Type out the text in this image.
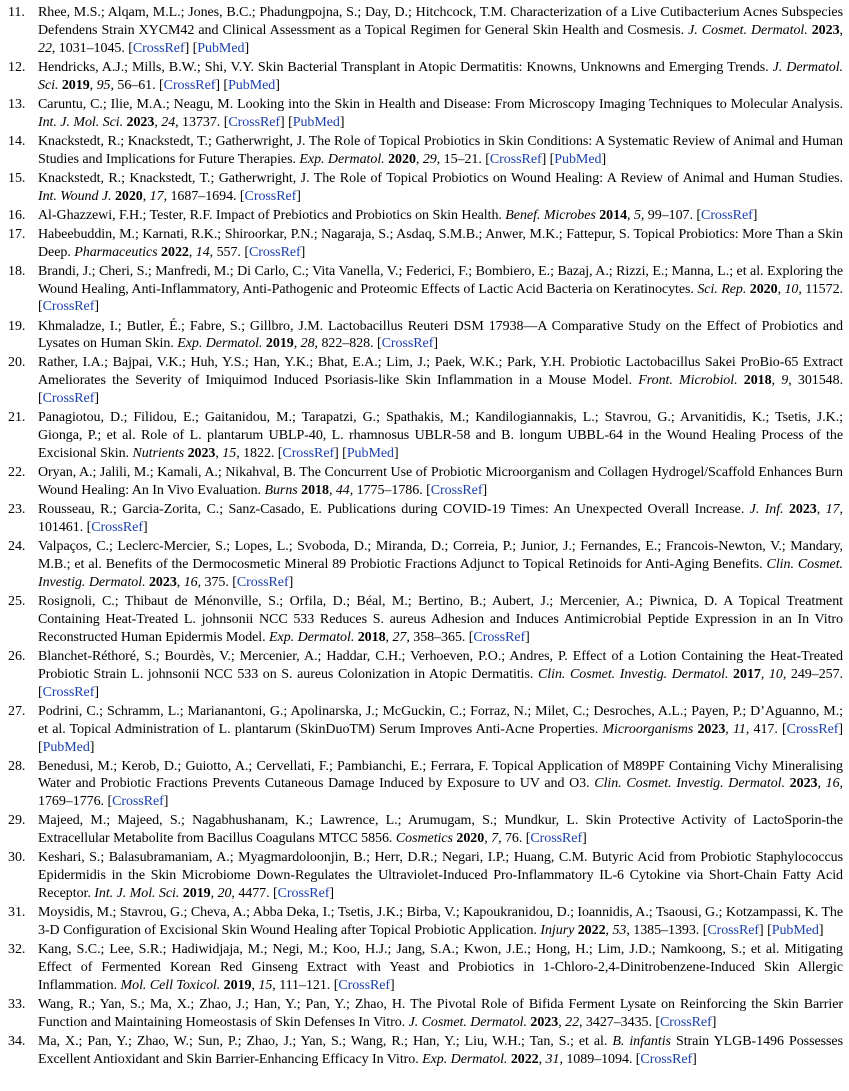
11. Rhee, M.S.; Alqam, M.L.; Jones, B.C.; Phadungpojna, S.; Day, D.; Hitchcock, T.M. Characterization of a Live Cutibacterium Acnes Subspecies Defendens Strain XYCM42 and Clinical Assessment as a Topical Regimen for General Skin Health and Cosmesis. J. Cosmet. Dermatol. 2023, 22, 1031–1045. [CrossRef] [PubMed]
12. Hendricks, A.J.; Mills, B.W.; Shi, V.Y. Skin Bacterial Transplant in Atopic Dermatitis: Knowns, Unknowns and Emerging Trends. J. Dermatol. Sci. 2019, 95, 56–61. [CrossRef] [PubMed]
13. Caruntu, C.; Ilie, M.A.; Neagu, M. Looking into the Skin in Health and Disease: From Microscopy Imaging Techniques to Molecular Analysis. Int. J. Mol. Sci. 2023, 24, 13737. [CrossRef] [PubMed]
14. Knackstedt, R.; Knackstedt, T.; Gatherwright, J. The Role of Topical Probiotics in Skin Conditions: A Systematic Review of Animal and Human Studies and Implications for Future Therapies. Exp. Dermatol. 2020, 29, 15–21. [CrossRef] [PubMed]
15. Knackstedt, R.; Knackstedt, T.; Gatherwright, J. The Role of Topical Probiotics on Wound Healing: A Review of Animal and Human Studies. Int. Wound J. 2020, 17, 1687–1694. [CrossRef]
16. Al-Ghazzewi, F.H.; Tester, R.F. Impact of Prebiotics and Probiotics on Skin Health. Benef. Microbes 2014, 5, 99–107. [CrossRef]
17. Habeebuddin, M.; Karnati, R.K.; Shiroorkar, P.N.; Nagaraja, S.; Asdaq, S.M.B.; Anwer, M.K.; Fattepur, S. Topical Probiotics: More Than a Skin Deep. Pharmaceutics 2022, 14, 557. [CrossRef]
18. Brandi, J.; Cheri, S.; Manfredi, M.; Di Carlo, C.; Vita Vanella, V.; Federici, F.; Bombiero, E.; Bazaj, A.; Rizzi, E.; Manna, L.; et al. Exploring the Wound Healing, Anti-Inflammatory, Anti-Pathogenic and Proteomic Effects of Lactic Acid Bacteria on Keratinocytes. Sci. Rep. 2020, 10, 11572. [CrossRef]
19. Khmaladze, I.; Butler, É.; Fabre, S.; Gillbro, J.M. Lactobacillus Reuteri DSM 17938—A Comparative Study on the Effect of Probiotics and Lysates on Human Skin. Exp. Dermatol. 2019, 28, 822–828. [CrossRef]
20. Rather, I.A.; Bajpai, V.K.; Huh, Y.S.; Han, Y.K.; Bhat, E.A.; Lim, J.; Paek, W.K.; Park, Y.H. Probiotic Lactobacillus Sakei ProBio-65 Extract Ameliorates the Severity of Imiquimod Induced Psoriasis-like Skin Inflammation in a Mouse Model. Front. Microbiol. 2018, 9, 301548. [CrossRef]
21. Panagiotou, D.; Filidou, E.; Gaitanidou, M.; Tarapatzi, G.; Spathakis, M.; Kandilogiannakis, L.; Stavrou, G.; Arvanitidis, K.; Tsetis, J.K.; Gionga, P.; et al. Role of L. plantarum UBLP-40, L. rhamnosus UBLR-58 and B. longum UBBL-64 in the Wound Healing Process of the Excisional Skin. Nutrients 2023, 15, 1822. [CrossRef] [PubMed]
22. Oryan, A.; Jalili, M.; Kamali, A.; Nikahval, B. The Concurrent Use of Probiotic Microorganism and Collagen Hydrogel/Scaffold Enhances Burn Wound Healing: An In Vivo Evaluation. Burns 2018, 44, 1775–1786. [CrossRef]
23. Rousseau, R.; Garcia-Zorita, C.; Sanz-Casado, E. Publications during COVID-19 Times: An Unexpected Overall Increase. J. Inf. 2023, 17, 101461. [CrossRef]
24. Valpaços, C.; Leclerc-Mercier, S.; Lopes, L.; Svoboda, D.; Miranda, D.; Correia, P.; Junior, J.; Fernandes, E.; Francois-Newton, V.; Mandary, M.B.; et al. Benefits of the Dermocosmetic Mineral 89 Probiotic Fractions Adjunct to Topical Retinoids for Anti-Aging Benefits. Clin. Cosmet. Investig. Dermatol. 2023, 16, 375. [CrossRef]
25. Rosignoli, C.; Thibaut de Ménonville, S.; Orfila, D.; Béal, M.; Bertino, B.; Aubert, J.; Mercenier, A.; Piwnica, D. A Topical Treatment Containing Heat-Treated L. johnsonii NCC 533 Reduces S. aureus Adhesion and Induces Antimicrobial Peptide Expression in an In Vitro Reconstructed Human Epidermis Model. Exp. Dermatol. 2018, 27, 358–365. [CrossRef]
26. Blanchet-Réthoré, S.; Bourdès, V.; Mercenier, A.; Haddar, C.H.; Verhoeven, P.O.; Andres, P. Effect of a Lotion Containing the Heat-Treated Probiotic Strain L. johnsonii NCC 533 on S. aureus Colonization in Atopic Dermatitis. Clin. Cosmet. Investig. Dermatol. 2017, 10, 249–257. [CrossRef]
27. Podrini, C.; Schramm, L.; Marianantoni, G.; Apolinarska, J.; McGuckin, C.; Forraz, N.; Milet, C.; Desroches, A.L.; Payen, P.; D’Aguanno, M.; et al. Topical Administration of L. plantarum (SkinDuoTM) Serum Improves Anti-Acne Properties. Microorganisms 2023, 11, 417. [CrossRef] [PubMed]
28. Benedusi, M.; Kerob, D.; Guiotto, A.; Cervellati, F.; Pambianchi, E.; Ferrara, F. Topical Application of M89PF Containing Vichy Mineralising Water and Probiotic Fractions Prevents Cutaneous Damage Induced by Exposure to UV and O3. Clin. Cosmet. Investig. Dermatol. 2023, 16, 1769–1776. [CrossRef]
29. Majeed, M.; Majeed, S.; Nagabhushanam, K.; Lawrence, L.; Arumugam, S.; Mundkur, L. Skin Protective Activity of LactoSporin-the Extracellular Metabolite from Bacillus Coagulans MTCC 5856. Cosmetics 2020, 7, 76. [CrossRef]
30. Keshari, S.; Balasubramaniam, A.; Myagmardoloonjin, B.; Herr, D.R.; Negari, I.P.; Huang, C.M. Butyric Acid from Probiotic Staphylococcus Epidermidis in the Skin Microbiome Down-Regulates the Ultraviolet-Induced Pro-Inflammatory IL-6 Cytokine via Short-Chain Fatty Acid Receptor. Int. J. Mol. Sci. 2019, 20, 4477. [CrossRef]
31. Moysidis, M.; Stavrou, G.; Cheva, A.; Abba Deka, I.; Tsetis, J.K.; Birba, V.; Kapoukranidou, D.; Ioannidis, A.; Tsaousi, G.; Kotzampassi, K. The 3-D Configuration of Excisional Skin Wound Healing after Topical Probiotic Application. Injury 2022, 53, 1385–1393. [CrossRef] [PubMed]
32. Kang, S.C.; Lee, S.R.; Hadiwidjaja, M.; Negi, M.; Koo, H.J.; Jang, S.A.; Kwon, J.E.; Hong, H.; Lim, J.D.; Namkoong, S.; et al. Mitigating Effect of Fermented Korean Red Ginseng Extract with Yeast and Probiotics in 1-Chloro-2,4-Dinitrobenzene-Induced Skin Allergic Inflammation. Mol. Cell Toxicol. 2019, 15, 111–121. [CrossRef]
33. Wang, R.; Yan, S.; Ma, X.; Zhao, J.; Han, Y.; Pan, Y.; Zhao, H. The Pivotal Role of Bifida Ferment Lysate on Reinforcing the Skin Barrier Function and Maintaining Homeostasis of Skin Defenses In Vitro. J. Cosmet. Dermatol. 2023, 22, 3427–3435. [CrossRef]
34. Ma, X.; Pan, Y.; Zhao, W.; Sun, P.; Zhao, J.; Yan, S.; Wang, R.; Han, Y.; Liu, W.H.; Tan, S.; et al. B. infantis Strain YLGB-1496 Possesses Excellent Antioxidant and Skin Barrier-Enhancing Efficacy In Vitro. Exp. Dermatol. 2022, 31, 1089–1094. [CrossRef]
